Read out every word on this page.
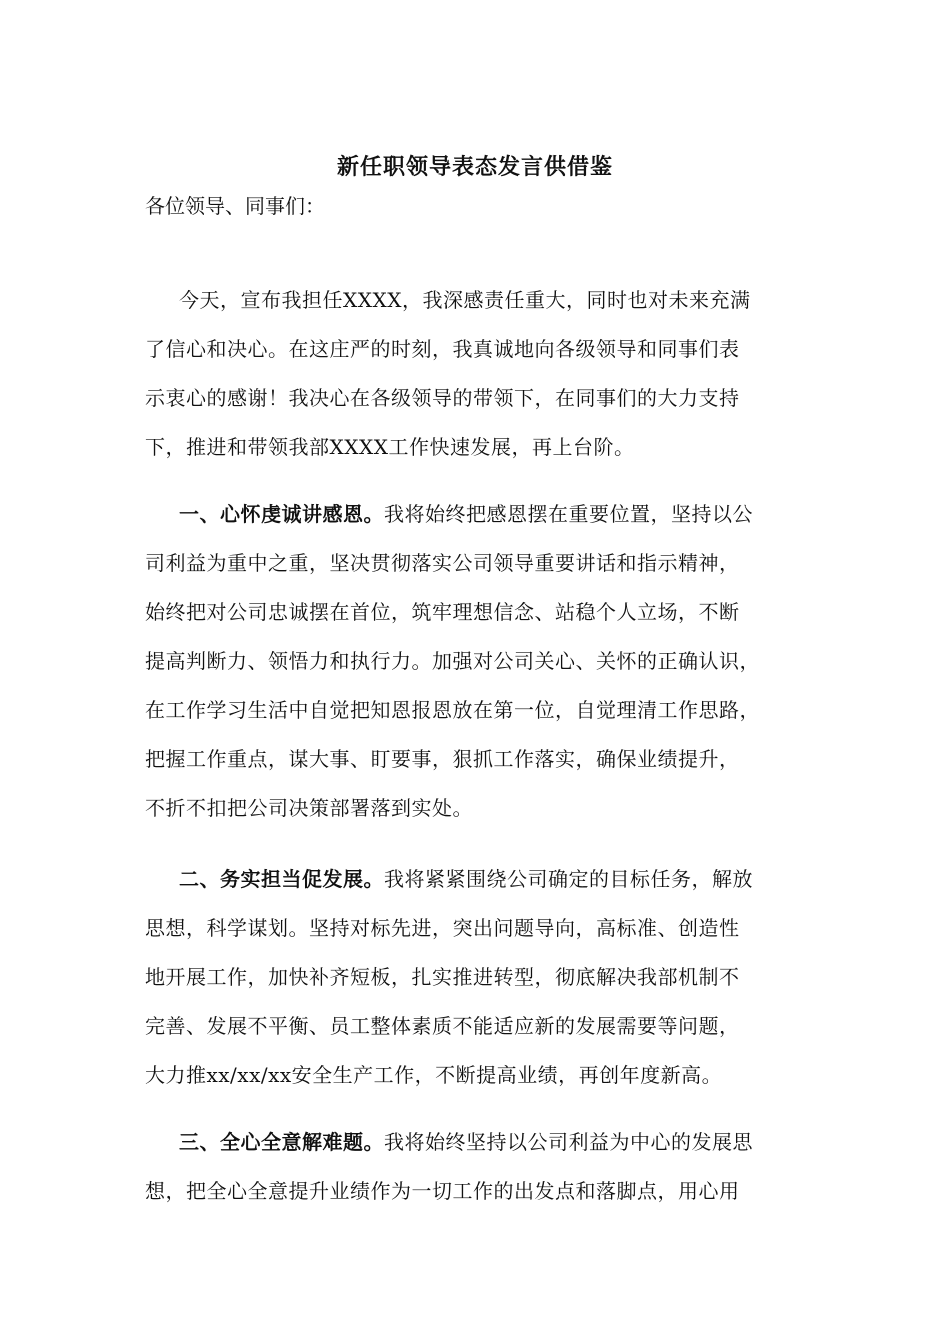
新任职领导表态发言供借鉴

各位领导、同事们：

今天，宣布我担任XXXX，我深感责任重大，同时也对未来充满
了信心和决心。在这庄严的时刻，我真诚地向各级领导和同事们表
示衷心的感谢！我决心在各级领导的带领下，在同事们的大力支持
下，推进和带领我部XXXX工作快速发展，再上台阶。
一、心怀虔诚讲感恩。我将始终把感恩摆在重要位置，坚持以公
司利益为重中之重，坚决贯彻落实公司领导重要讲话和指示精神，
始终把对公司忠诚摆在首位，筑牢理想信念、站稳个人立场，不断
提高判断力、领悟力和执行力。加强对公司关心、关怀的正确认识，
在工作学习生活中自觉把知恩报恩放在第一位，自觉理清工作思路，
把握工作重点，谋大事、盯要事，狠抓工作落实，确保业绩提升，
不折不扣把公司决策部署落到实处。
二、务实担当促发展。我将紧紧围绕公司确定的目标任务，解放
思想，科学谋划。坚持对标先进，突出问题导向，高标准、创造性
地开展工作，加快补齐短板，扎实推进转型，彻底解决我部机制不
完善、发展不平衡、员工整体素质不能适应新的发展需要等问题，
大力推xx/xx/xx安全生产工作，不断提高业绩，再创年度新高。
三、全心全意解难题。我将始终坚持以公司利益为中心的发展思
想，把全心全意提升业绩作为一切工作的出发点和落脚点，用心用
